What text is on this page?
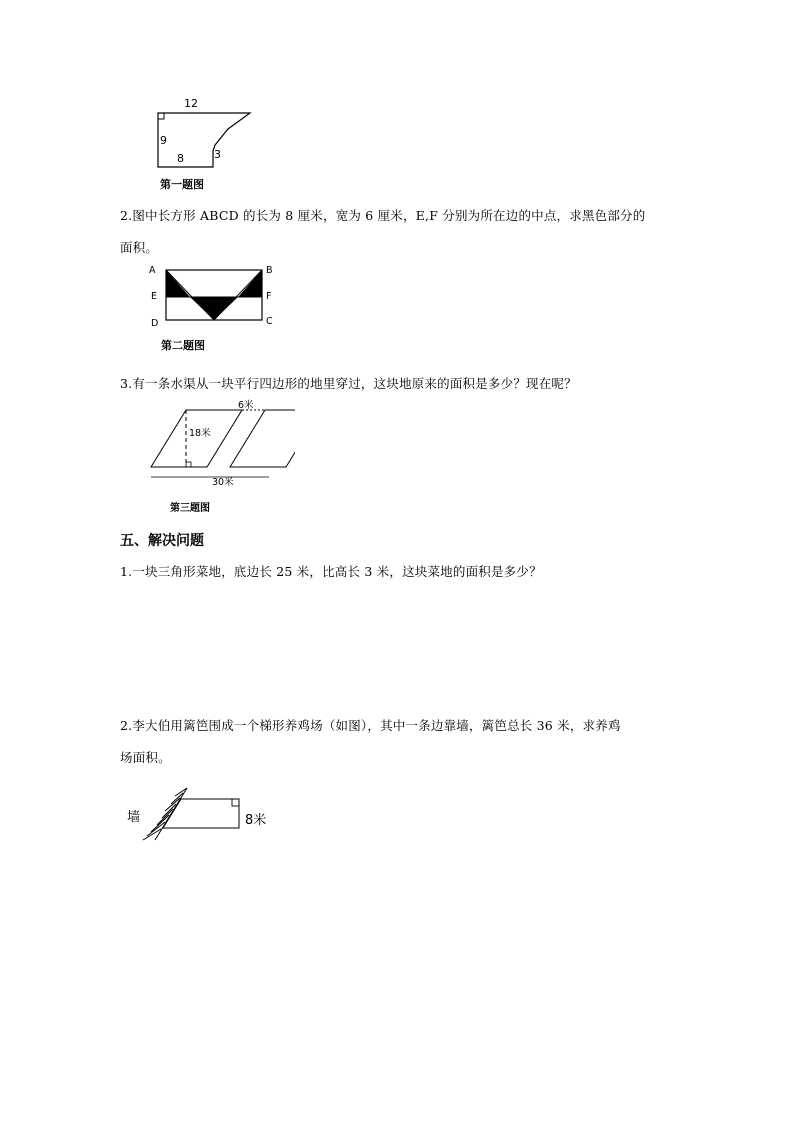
12
9
8	3
第一题图
2.图中长方形 ABCD 的长为 8 厘米，宽为 6 厘米，E,F 分别为所在边的中点，求黑色部分的
面积。
A	B
E	F
D	C
第二题图
3.有一条水渠从一块平行四边形的地里穿过，这块地原来的面积是多少？现在呢？
6米
18米
30米
第三题图
五、解决问题
1.一块三角形菜地，底边长 25 米，比高长 3 米，这块菜地的面积是多少？
2.李大伯用篱笆围成一个梯形养鸡场（如图），其中一条边靠墙，篱笆总长 36 米，求养鸡
场面积。
墙	8米
